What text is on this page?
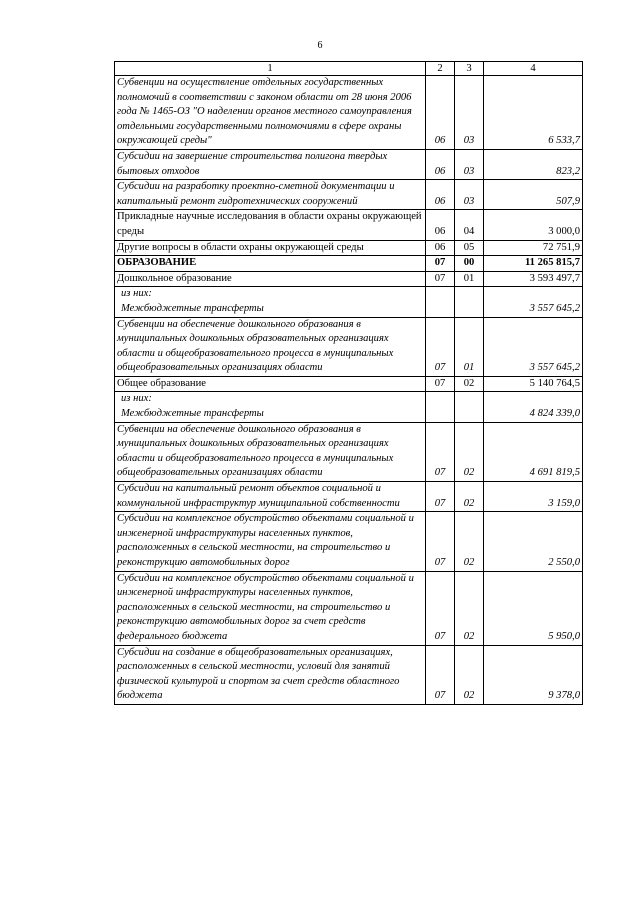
6
1	2	3	4
Субвенции на осуществление отдельных государственных полномочий в соответствии с законом области от 28 июня 2006 года № 1465-ОЗ "О наделении органов местного самоуправления отдельными государственными полномочиями в сфере охраны окружающей среды"	06	03	6 533,7
Субсидии на завершение строительства полигона твердых бытовых отходов	06	03	823,2
Субсидии на разработку проектно-сметной документации и капитальный ремонт гидротехнических сооружений	06	03	507,9
Прикладные научные исследования в области охраны окружающей среды	06	04	3 000,0
Другие вопросы в области охраны окружающей среды	06	05	72 751,9
ОБРАЗОВАНИЕ	07	00	11 265 815,7
Дошкольное образование	07	01	3 593 497,7

из них:
Межбюджетные трансферты			3 557 645,2
Субвенции на обеспечение дошкольного образования в муниципальных дошкольных образовательных организациях области и общеобразовательного процесса в муниципальных общеобразовательных организациях области	07	01	3 557 645,2
Общее образование	07	02	5 140 764,5

из них:
Межбюджетные трансферты			4 824 339,0
Субвенции на обеспечение дошкольного образования в муниципальных дошкольных образовательных организациях области и общеобразовательного процесса в муниципальных общеобразовательных организациях области	07	02	4 691 819,5
Субсидии на капитальный ремонт объектов социальной и коммунальной инфраструктур муниципальной собственности	07	02	3 159,0
Субсидии на комплексное обустройство объектами социальной и инженерной инфраструктуры населенных пунктов, расположенных в сельской местности, на строительство и реконструкцию автомобильных дорог	07	02	2 550,0
Субсидии на комплексное обустройство объектами социальной и инженерной инфраструктуры населенных пунктов, расположенных в сельской местности, на строительство и реконструкцию автомобильных дорог за счет средств федерального бюджета	07	02	5 950,0
Субсидии на создание в общеобразовательных организациях, расположенных в сельской местности, условий для занятий физической культурой и спортом за счет средств областного бюджета	07	02	9 378,0
